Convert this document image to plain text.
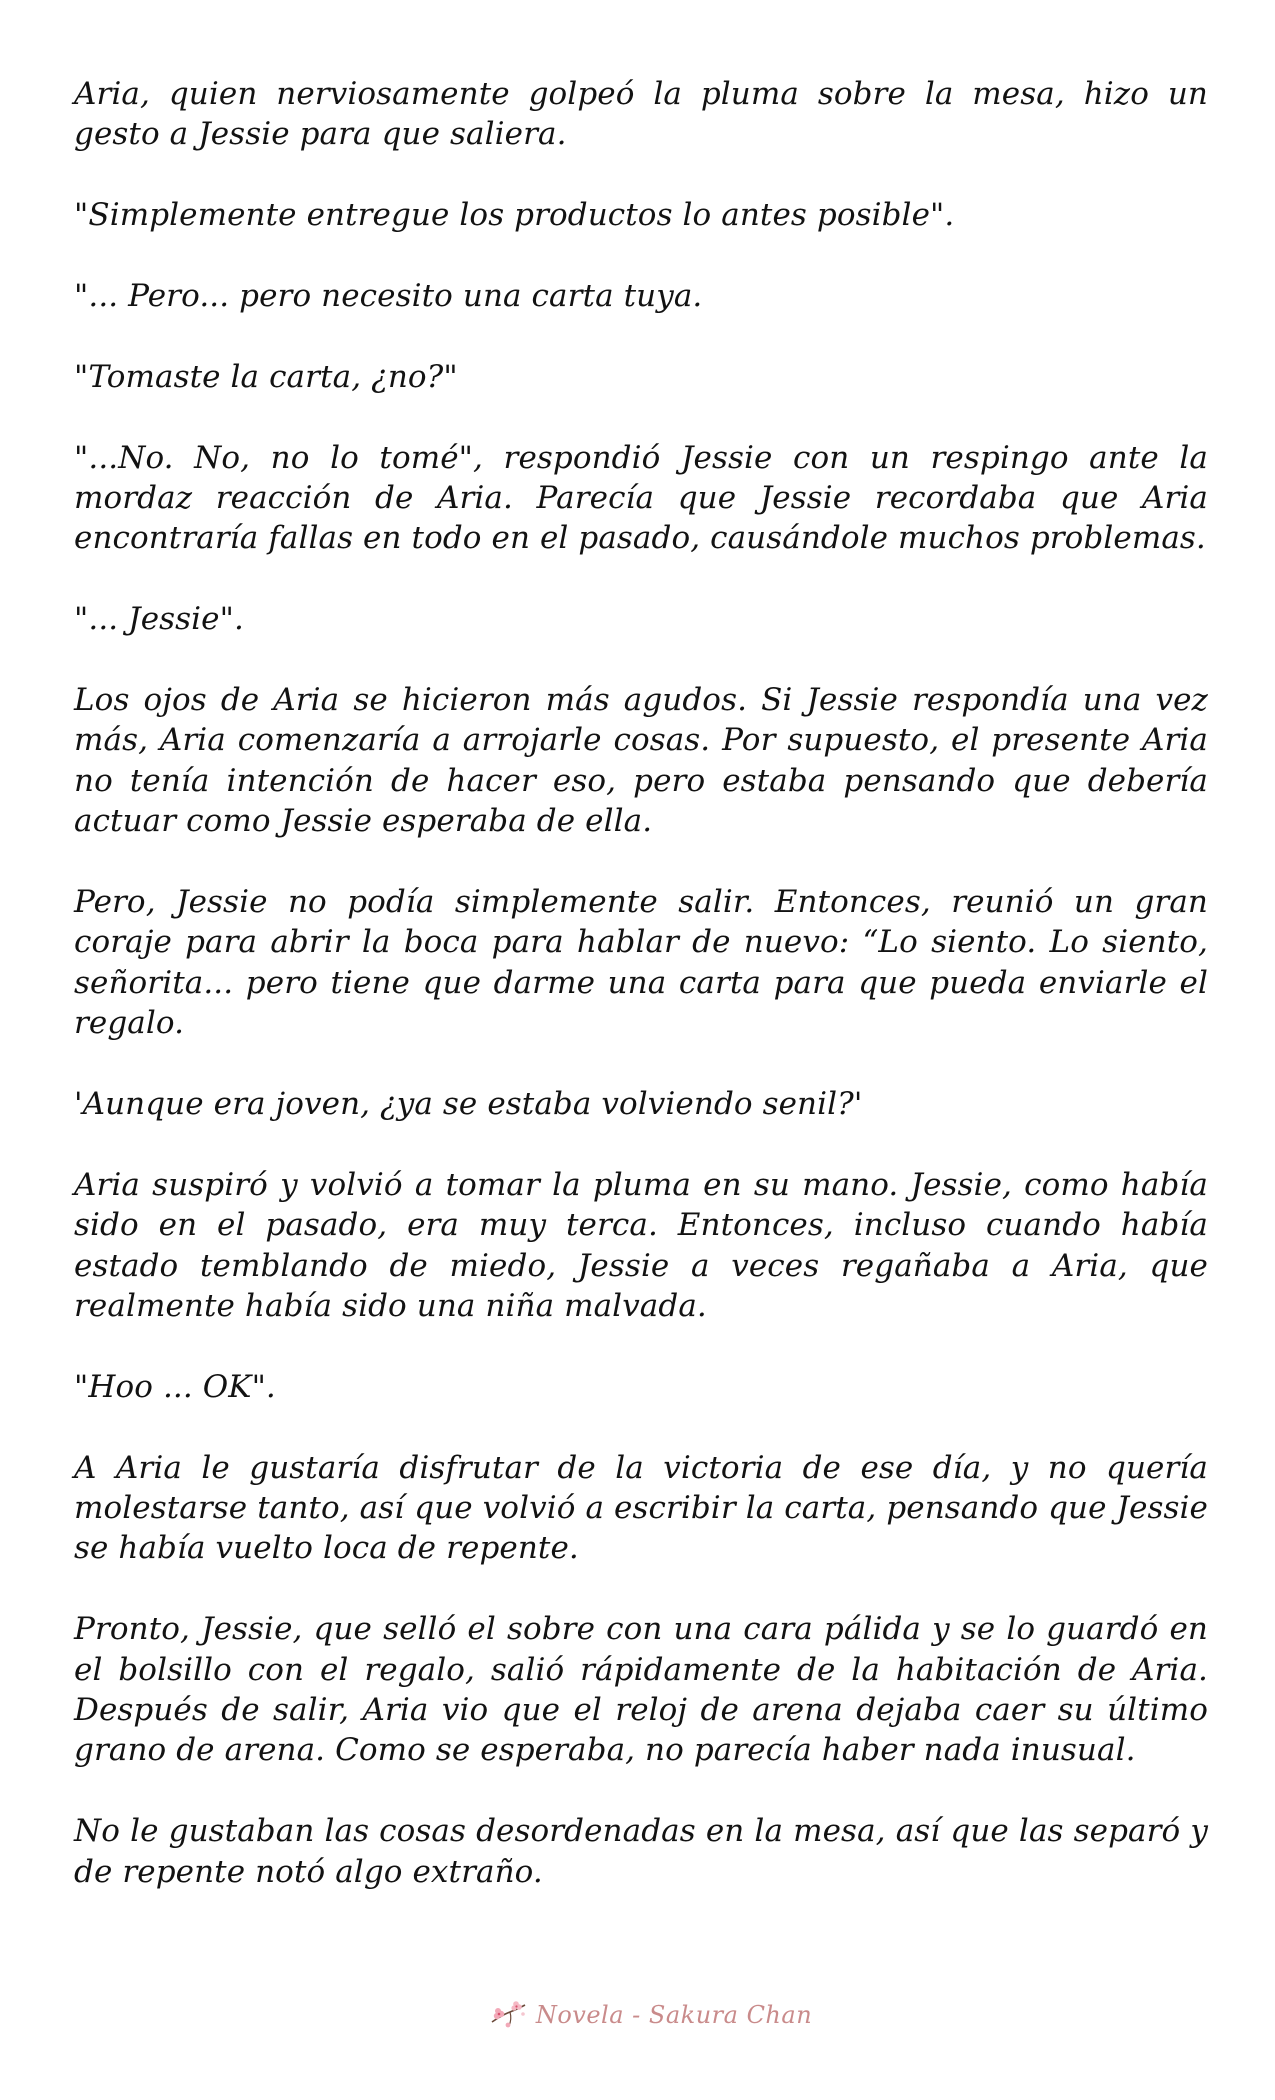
Aria, quien nerviosamente golpeó la pluma sobre la mesa, hizo un gesto a Jessie para que saliera.

"Simplemente entregue los productos lo antes posible".

"... Pero... pero necesito una carta tuya.

"Tomaste la carta, ¿no?"

"...No. No, no lo tomé", respondió Jessie con un respingo ante la mordaz reacción de Aria. Parecía que Jessie recordaba que Aria encontraría fallas en todo en el pasado, causándole muchos problemas.

"... Jessie".

Los ojos de Aria se hicieron más agudos. Si Jessie respondía una vez más, Aria comenzaría a arrojarle cosas. Por supuesto, el presente Aria no tenía intención de hacer eso, pero estaba pensando que debería actuar como Jessie esperaba de ella.

Pero, Jessie no podía simplemente salir. Entonces, reunió un gran coraje para abrir la boca para hablar de nuevo: “Lo siento. Lo siento, señorita... pero tiene que darme una carta para que pueda enviarle el regalo.

'Aunque era joven, ¿ya se estaba volviendo senil?'

Aria suspiró y volvió a tomar la pluma en su mano. Jessie, como había sido en el pasado, era muy terca. Entonces, incluso cuando había estado temblando de miedo, Jessie a veces regañaba a Aria, que realmente había sido una niña malvada.

"Hoo ... OK".

A Aria le gustaría disfrutar de la victoria de ese día, y no quería molestarse tanto, así que volvió a escribir la carta, pensando que Jessie se había vuelto loca de repente.

Pronto, Jessie, que selló el sobre con una cara pálida y se lo guardó en el bolsillo con el regalo, salió rápidamente de la habitación de Aria. Después de salir, Aria vio que el reloj de arena dejaba caer su último grano de arena. Como se esperaba, no parecía haber nada inusual.

No le gustaban las cosas desordenadas en la mesa, así que las separó y de repente notó algo extraño.

Novela - Sakura Chan
